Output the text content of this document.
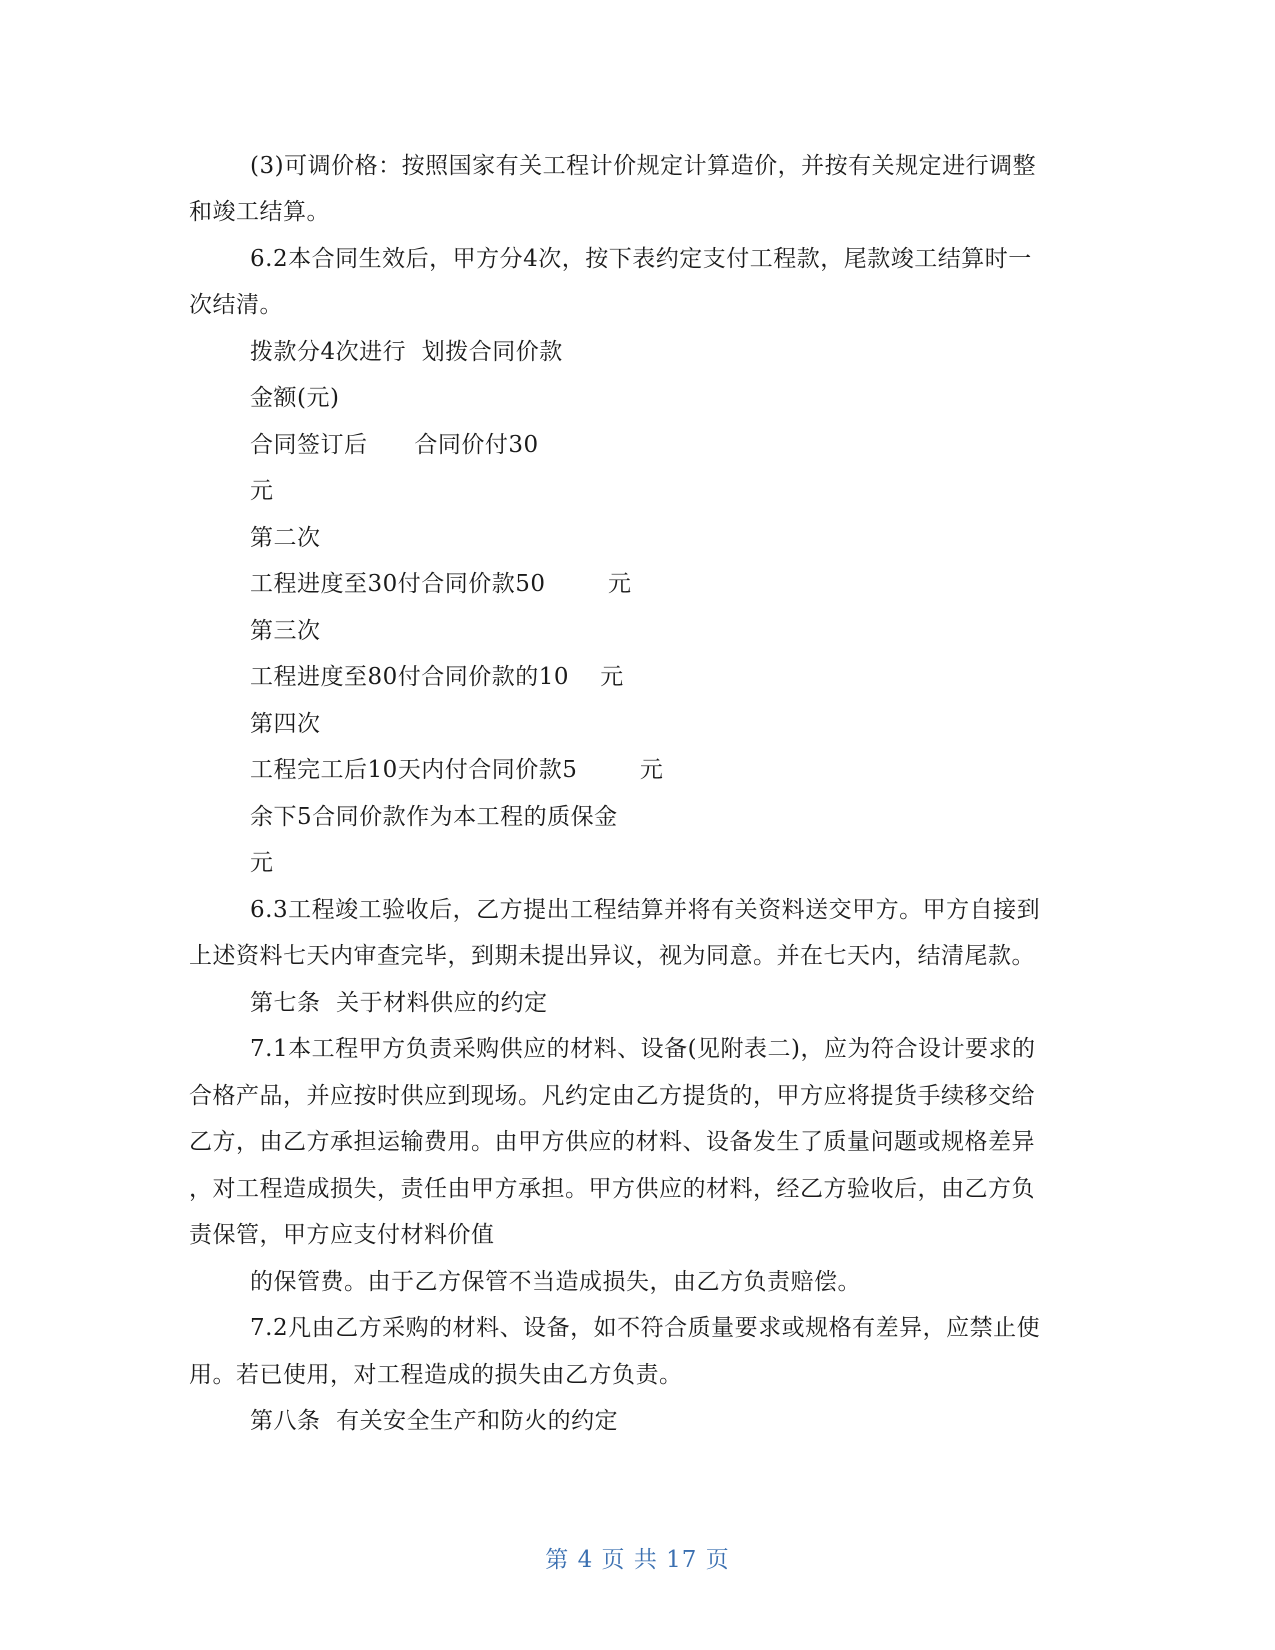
(3)可调价格：按照国家有关工程计价规定计算造价，并按有关规定进行调整
和竣工结算。
6.2本合同生效后，甲方分4次，按下表约定支付工程款，尾款竣工结算时一
次结清。
拨款分4次进行  划拨合同价款
金额(元)
合同签订后      合同价付30
元
第二次
工程进度至30付合同价款50        元
第三次
工程进度至80付合同价款的10    元
第四次
工程完工后10天内付合同价款5        元
余下5合同价款作为本工程的质保金
元
6.3工程竣工验收后，乙方提出工程结算并将有关资料送交甲方。甲方自接到
上述资料七天内审查完毕，到期未提出异议，视为同意。并在七天内，结清尾款。
第七条  关于材料供应的约定
7.1本工程甲方负责采购供应的材料、设备(见附表二)，应为符合设计要求的
合格产品，并应按时供应到现场。凡约定由乙方提货的，甲方应将提货手续移交给
乙方，由乙方承担运输费用。由甲方供应的材料、设备发生了质量问题或规格差异
，对工程造成损失，责任由甲方承担。甲方供应的材料，经乙方验收后，由乙方负
责保管，甲方应支付材料价值
的保管费。由于乙方保管不当造成损失，由乙方负责赔偿。
7.2凡由乙方采购的材料、设备，如不符合质量要求或规格有差异，应禁止使
用。若已使用，对工程造成的损失由乙方负责。
第八条  有关安全生产和防火的约定
第 4 页 共 17 页
